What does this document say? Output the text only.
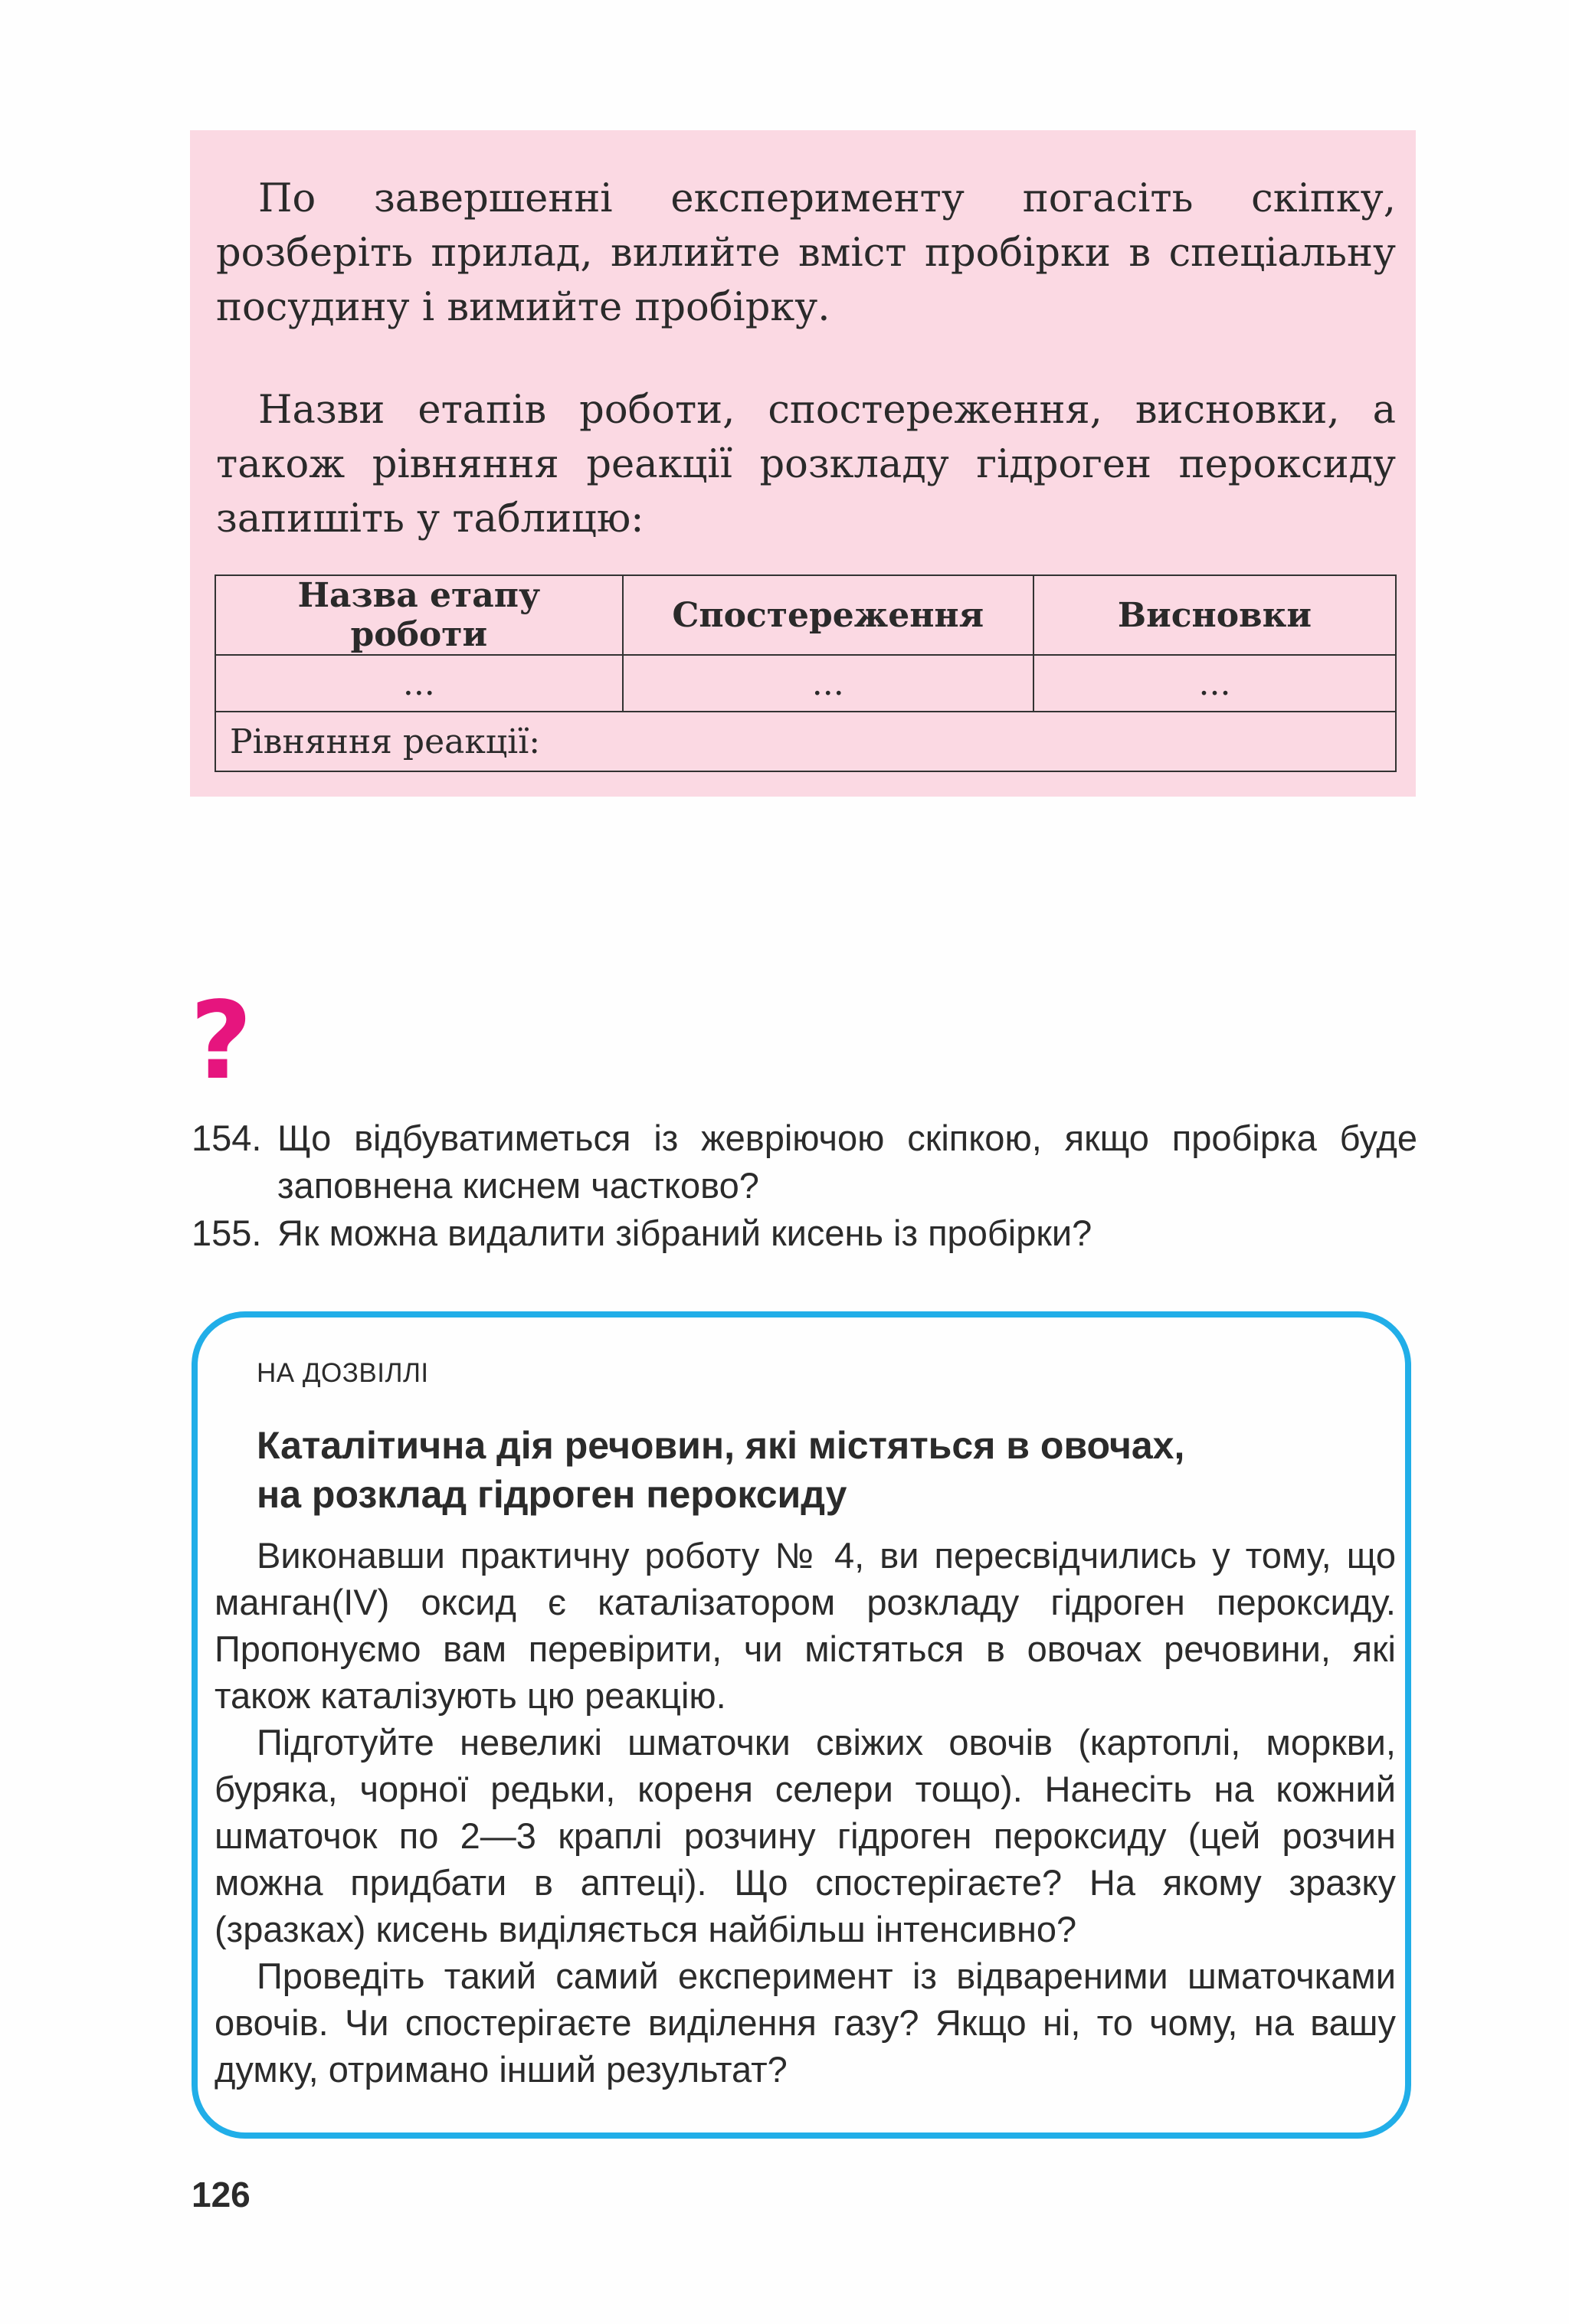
По завершенні експерименту погасіть скіпку, розберіть прилад, вилийте вміст пробірки в спеціальну посудину і вимийте пробірку.

Назви етапів роботи, спостереження, висновки, а також рівняння реакції розкладу гідроген пероксиду запишіть у таблицю:

Назва етапу роботи	Спостереження	Висновки
...	...	...
Рівняння реакції:		
?
154. Що відбуватиметься із жевріючою скіпкою, якщо пробірка буде
заповнена киснем частково?
155. Як можна видалити зібраний кисень із пробірки?
НА ДОЗВІЛЛІ
Каталітична дія речовин, які містяться в овочах,
на розклад гідроген пероксиду

Виконавши практичну роботу № 4, ви пересвідчились у тому, що манган(IV) оксид є каталізатором розкладу гідроген пероксиду. Пропонуємо вам перевірити, чи містяться в овочах речовини, які також каталізують цю реакцію.

Підготуйте невеликі шматочки свіжих овочів (картоплі, моркви, буряка, чорної редьки, кореня селери тощо). Нанесіть на кожний шматочок по 2—3 краплі розчину гідроген пероксиду (цей розчин можна придбати в аптеці). Що спостерігаєте? На якому зразку (зразках) кисень виділяється найбільш інтенсивно?

Проведіть такий самий експеримент із відвареними шматочками овочів. Чи спостерігаєте виділення газу? Якщо ні, то чому, на вашу думку, отримано інший результат?

126
